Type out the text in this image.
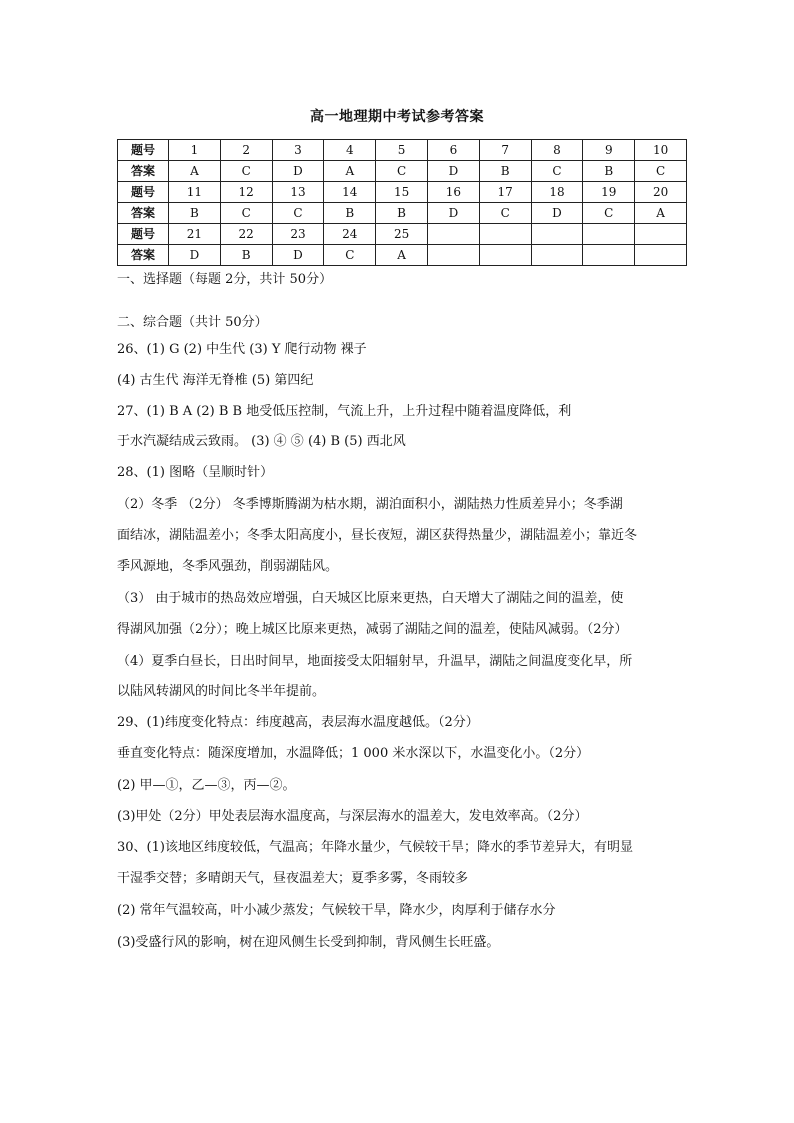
高一地理期中考试参考答案
题号	1	2	3	4	5	6	7	8	9	10
答案	A	C	D	A	C	D	B	C	B	C
题号	11	12	13	14	15	16	17	18	19	20
答案	B	C	C	B	B	D	C	D	C	A
题号	21	22	23	24	25					
答案	D	B	D	C	A					
一、选择题（每题 2分，共计 50分）
二、综合题（共计 50分）
26、(1) G (2) 中生代 (3) Y 爬行动物 裸子
(4) 古生代 海洋无脊椎 (5) 第四纪
27、(1) B A (2) B B 地受低压控制，气流上升，上升过程中随着温度降低，利
于水汽凝结成云致雨。 (3) ④ ⑤ (4) B (5) 西北风
28、(1) 图略（呈顺时针）
（2）冬季 （2分） 冬季博斯腾湖为枯水期，湖泊面积小，湖陆热力性质差异小；冬季湖
面结冰，湖陆温差小；冬季太阳高度小，昼长夜短，湖区获得热量少，湖陆温差小；靠近冬
季风源地，冬季风强劲，削弱湖陆风。
（3） 由于城市的热岛效应增强，白天城区比原来更热，白天增大了湖陆之间的温差，使
得湖风加强（2分）；晚上城区比原来更热，减弱了湖陆之间的温差，使陆风减弱。（2分）
（4）夏季白昼长，日出时间早，地面接受太阳辐射早，升温早，湖陆之间温度变化早，所
以陆风转湖风的时间比冬半年提前。
29、(1)纬度变化特点：纬度越高，表层海水温度越低。（2分）
垂直变化特点：随深度增加，水温降低；1 000 米水深以下，水温变化小。（2分）
(2) 甲—①，乙—③，丙—②。
(3)甲处（2分）甲处表层海水温度高，与深层海水的温差大，发电效率高。（2分）
30、(1)该地区纬度较低，气温高；年降水量少，气候较干旱；降水的季节差异大，有明显
干湿季交替；多晴朗天气，昼夜温差大；夏季多雾，冬雨较多
(2) 常年气温较高，叶小减少蒸发；气候较干旱，降水少，肉厚利于储存水分
(3)受盛行风的影响，树在迎风侧生长受到抑制，背风侧生长旺盛。
